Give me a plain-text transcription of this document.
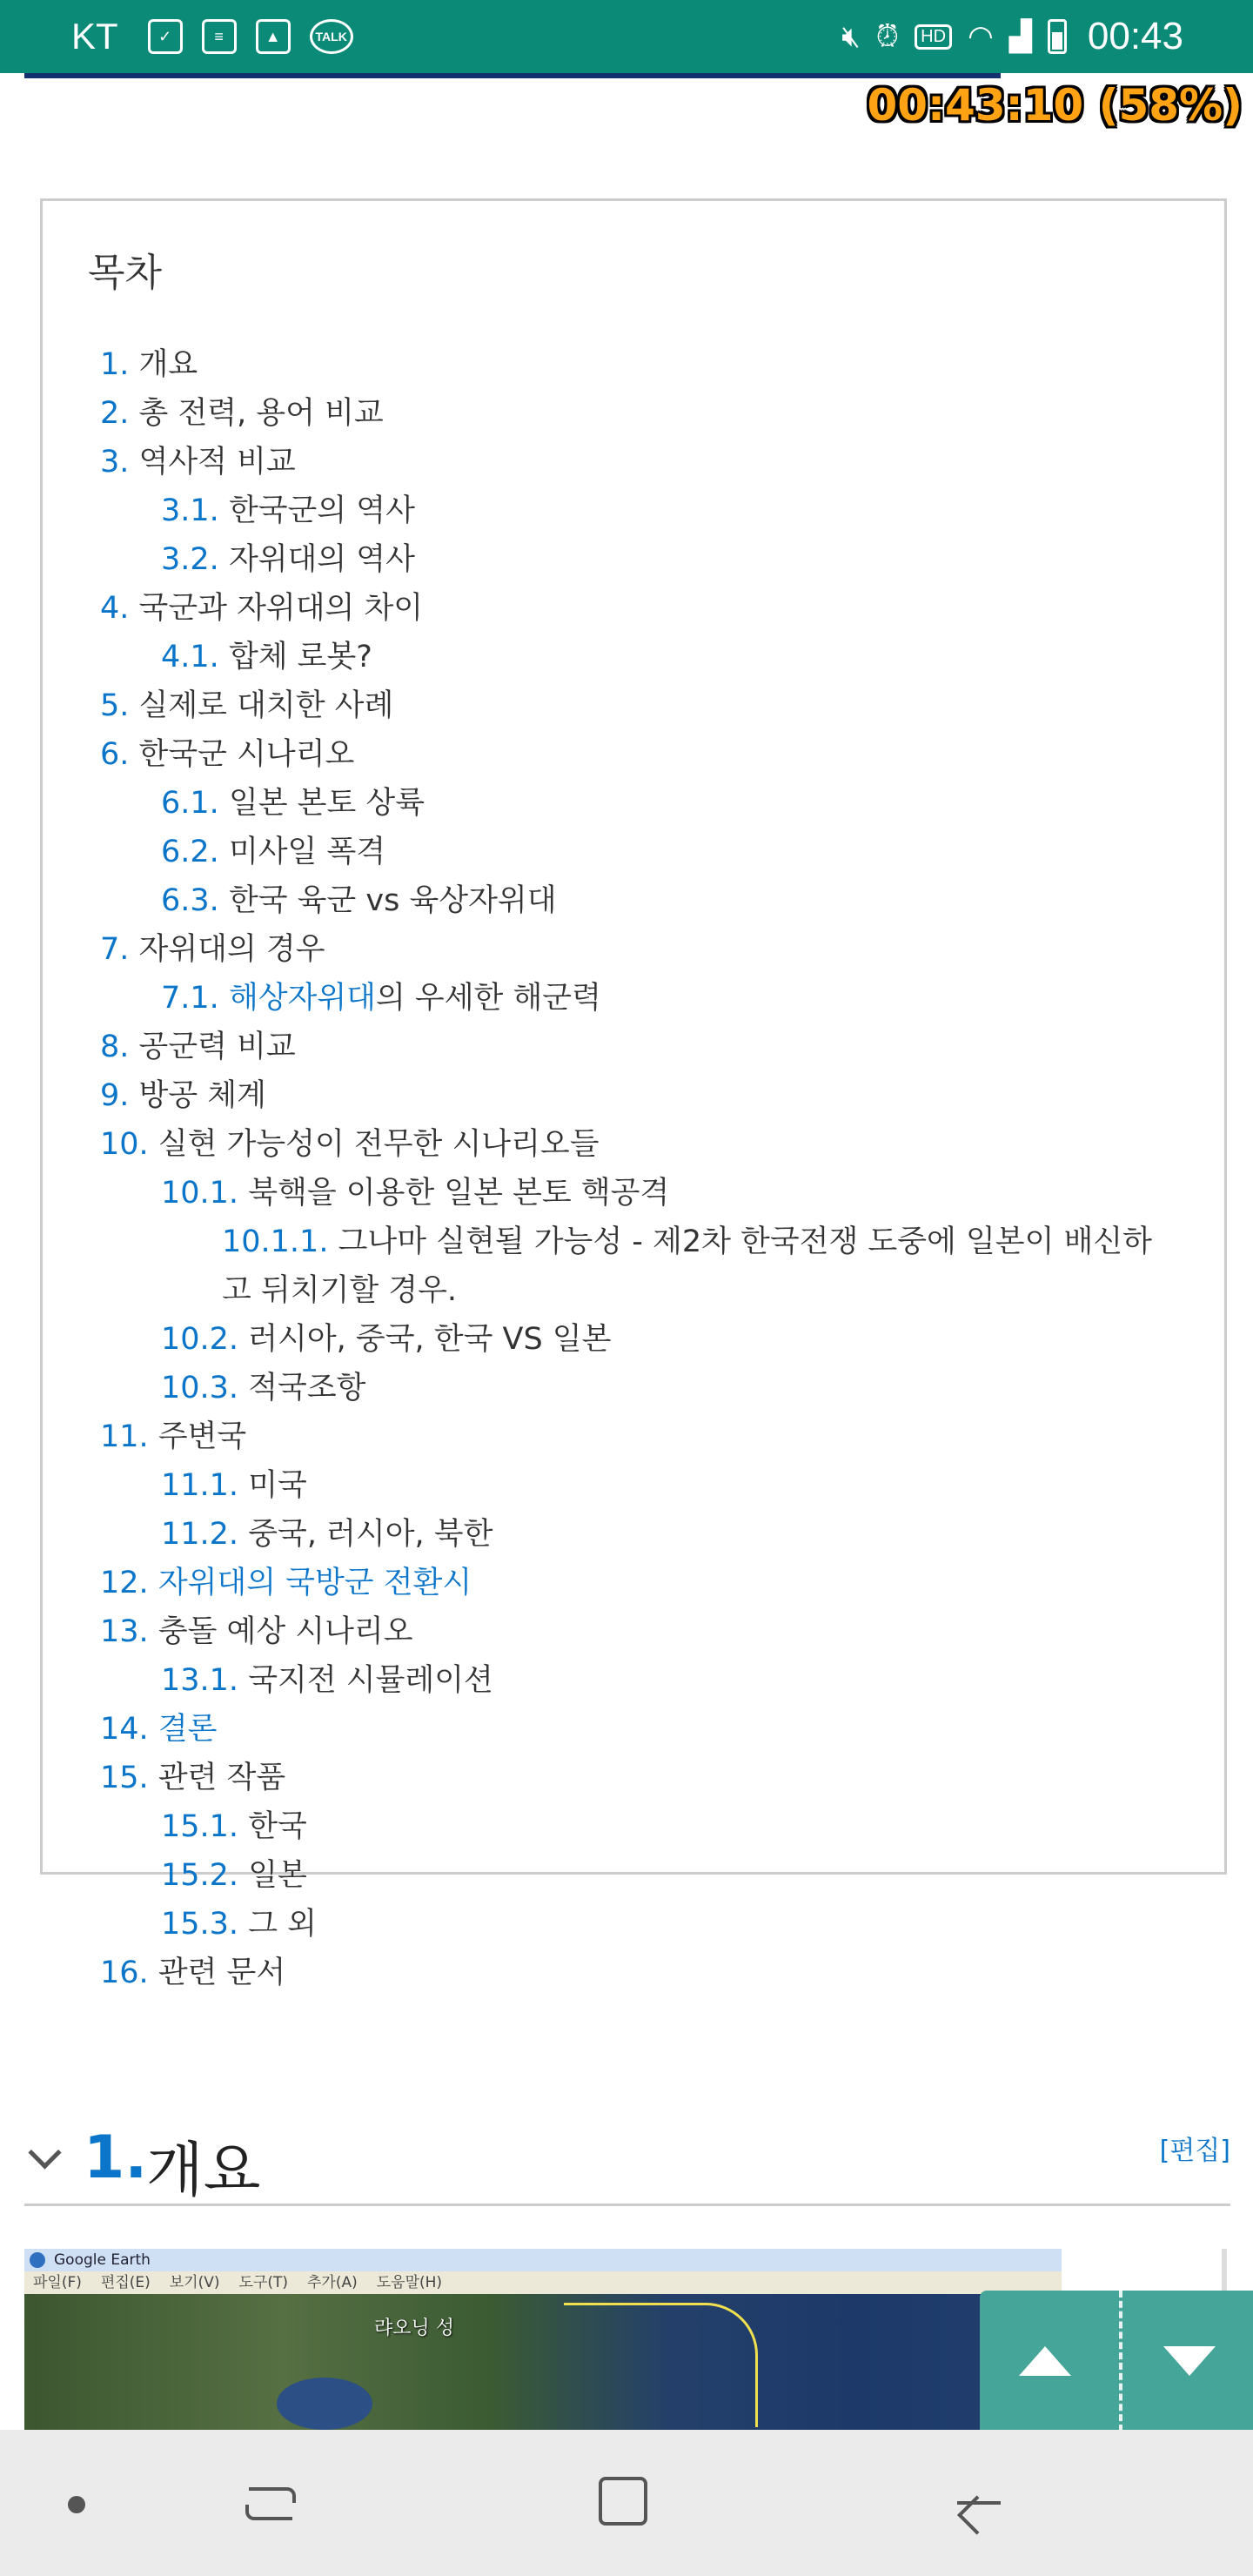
KT	✓	≡	▲	TALK	🔇︎ ⏰︎	HD ◠ ▟ 00:43
00:43:10 (58%)
목차
1. 개요
2. 총 전력, 용어 비교
3. 역사적 비교
3.1. 한국군의 역사
3.2. 자위대의 역사
4. 국군과 자위대의 차이
4.1. 합체 로봇?
5. 실제로 대치한 사례
6. 한국군 시나리오
6.1. 일본 본토 상륙
6.2. 미사일 폭격
6.3. 한국 육군 vs 육상자위대
7. 자위대의 경우
7.1. 해상자위대의 우세한 해군력
8. 공군력 비교
9. 방공 체계
10. 실현 가능성이 전무한 시나리오들
10.1. 북핵을 이용한 일본 본토 핵공격
10.1.1. 그나마 실현될 가능성 - 제2차 한국전쟁 도중에 일본이 배신하고 뒤치기할 경우.
10.2. 러시아, 중국, 한국 VS 일본
10.3. 적국조항
11. 주변국
11.1. 미국
11.2. 중국, 러시아, 북한
12. 자위대의 국방군 전환시
13. 충돌 예상 시나리오
13.1. 국지전 시뮬레이션
14. 결론
15. 관련 작품
15.1. 한국
15.2. 일본
15.3. 그 외
16. 관련 문서
1.
개요	[편집]
Google Earth
파일(F) 편집(E) 보기(V) 도구(T) 추가(A) 도움말(H)
랴오닝 성
